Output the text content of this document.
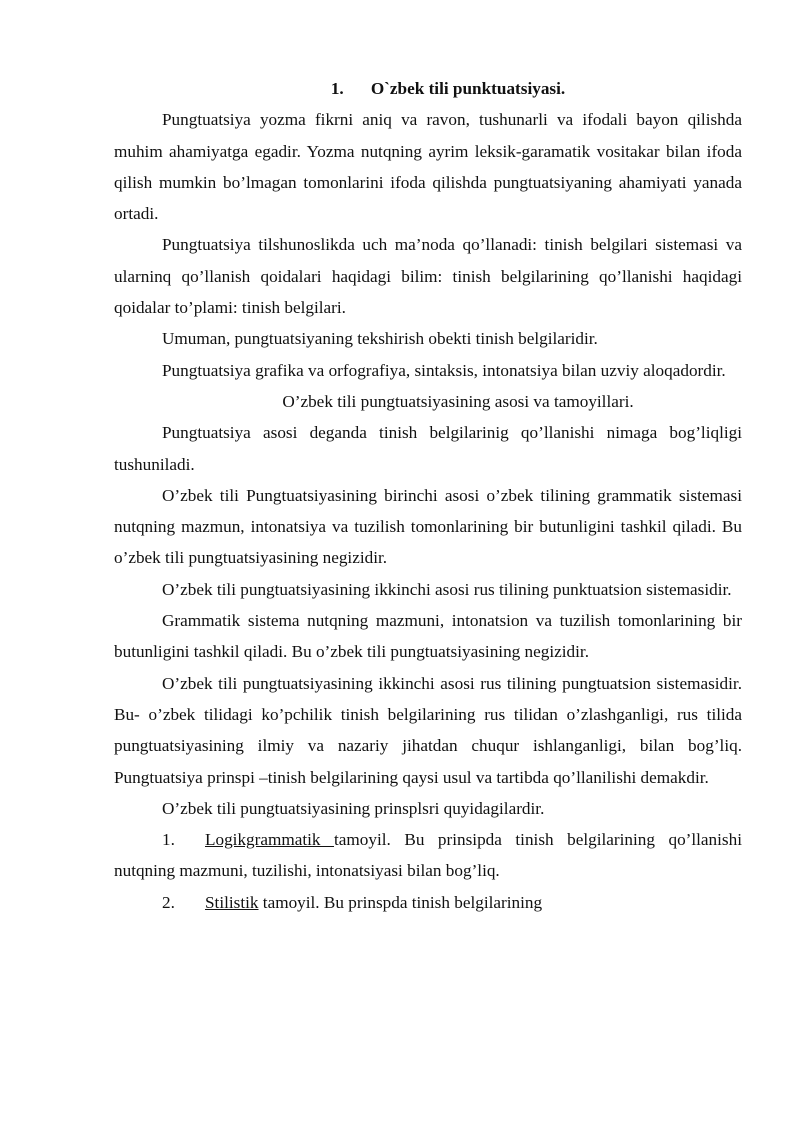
1. O`zbek tili punktuatsiyasi.

Pungtuatsiya yozma fikrni aniq va ravon, tushunarli va ifodali bayon qilishda muhim ahamiyatga egadir. Yozma nutqning ayrim leksik-garamatik vositakar bilan ifoda qilish mumkin bo’lmagan tomonlarini ifoda qilishda pungtuatsiyaning ahamiyati yanada ortadi.

Pungtuatsiya tilshunoslikda uch ma’noda qo’llanadi: tinish belgilari sistemasi va ularninq qo’llanish qoidalari haqidagi bilim: tinish belgilarining qo’llanishi haqidagi qoidalar to’plami: tinish belgilari.

Umuman, pungtuatsiyaning tekshirish obekti tinish belgilaridir.

Pungtuatsiya grafika va orfografiya, sintaksis, intonatsiya bilan uzviy aloqadordir.

O’zbek tili pungtuatsiyasining asosi va tamoyillari.

Pungtuatsiya asosi deganda tinish belgilarinig qo’llanishi nimaga bog’liqligi tushuniladi.

O’zbek tili Pungtuatsiyasining birinchi asosi o’zbek tilining grammatik sistemasi nutqning mazmun, intonatsiya va tuzilish tomonlarining bir butunligini tashkil qiladi. Bu o’zbek tili pungtuatsiyasining negizidir.

O’zbek tili pungtuatsiyasining ikkinchi asosi rus tilining punktuatsion sistemasidir.

Grammatik sistema nutqning mazmuni, intonatsion va tuzilish tomonlarining bir butunligini tashkil qiladi. Bu o’zbek tili pungtuatsiyasining negizidir.

O’zbek tili pungtuatsiyasining ikkinchi asosi rus tilining pungtuatsion sistemasidir. Bu- o’zbek tilidagi ko’pchilik tinish belgilarining rus tilidan o’zlashganligi, rus tilida pungtuatsiyasining ilmiy va nazariy jihatdan chuqur ishlanganligi, bilan bog’liq. Pungtuatsiya prinspi –tinish belgilarining qaysi usul va tartibda qo’llanilishi demakdir.

O’zbek tili pungtuatsiyasining prinsplsri quyidagilardir.

1. Logikgrammatik tamoyil. Bu prinsipda tinish belgilarining qo’llanishi nutqning mazmuni, tuzilishi, intonatsiyasi bilan bog’liq.

2. Stilistik tamoyil. Bu prinspda tinish belgilarining
